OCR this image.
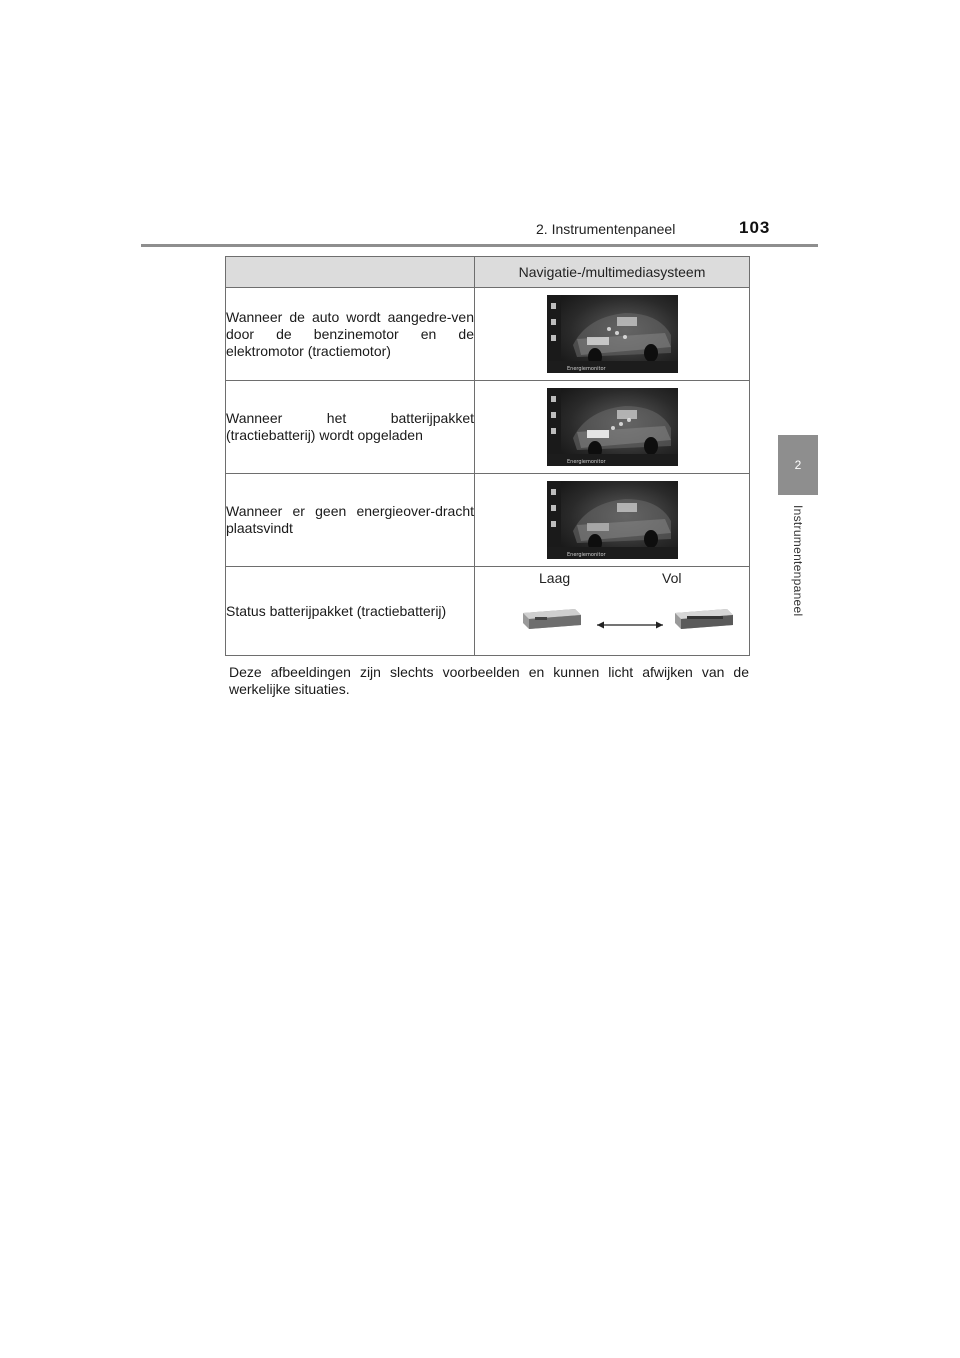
2. Instrumentenpaneel	103
2
Instrumentenpaneel
	Navigatie-/multimediasysteem
Wanneer de auto wordt aangedre-ven door de benzinemotor en de elektromotor (tractiemotor)	Energiemonitor

Wanneer het batterijpakket (tractiebatterij) wordt opgeladen	Energiemonitor

Wanneer er geen energieover-dracht plaatsvindt	Energiemonitor

Status batterijpakket (tractiebatterij)	Laag Vol
Deze afbeeldingen zijn slechts voorbeelden en kunnen licht afwijken van de werkelijke situaties.
